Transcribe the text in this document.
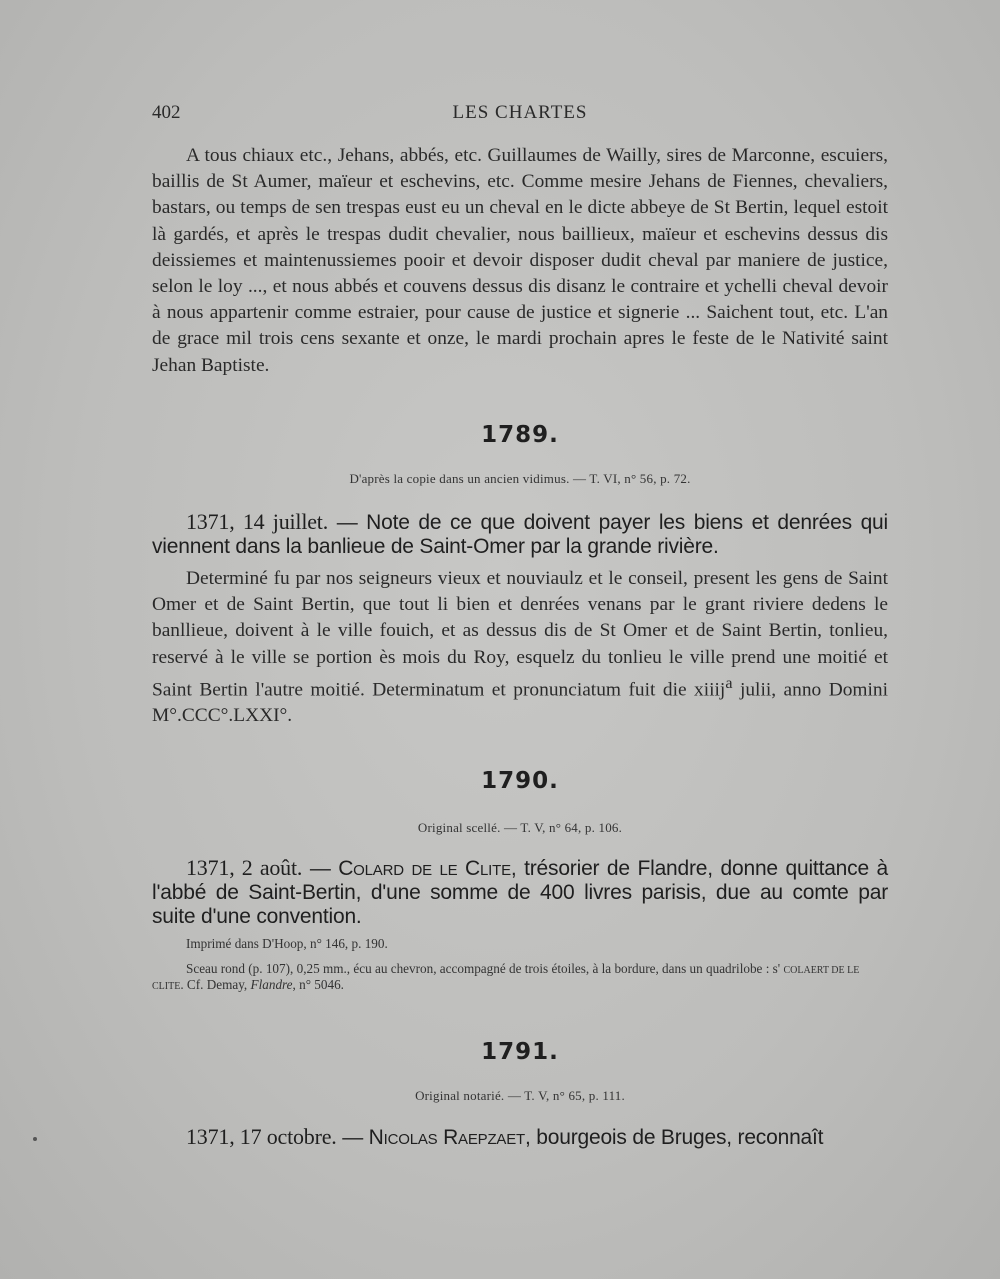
402	LES CHARTES

A tous chiaux etc., Jehans, abbés, etc. Guillaumes de Wailly, sires de Marconne, escuiers, baillis de St Aumer, maïeur et eschevins, etc. Comme mesire Jehans de Fiennes, chevaliers, bastars, ou temps de sen trespas eust eu un cheval en le dicte abbeye de St Bertin, lequel estoit là gardés, et après le trespas dudit chevalier, nous baillieux, maïeur et eschevins dessus dis deissiemes et maintenussiemes pooir et devoir disposer dudit cheval par maniere de justice, selon le loy ..., et nous abbés et couvens dessus dis disanz le contraire et ychelli cheval devoir à nous appartenir comme estraier, pour cause de justice et signerie ... Saichent tout, etc. L'an de grace mil trois cens sexante et onze, le mardi prochain apres le feste de le Nativité saint Jehan Baptiste.

1789.
D'après la copie dans un ancien vidimus. — T. VI, n° 56, p. 72.

1371, 14 juillet. — Note de ce que doivent payer les biens et denrées qui viennent dans la banlieue de Saint-Omer par la grande rivière.

Determiné fu par nos seigneurs vieux et nouviaulz et le conseil, present les gens de Saint Omer et de Saint Bertin, que tout li bien et denrées venans par le grant riviere dedens le banllieue, doivent à le ville fouich, et as dessus dis de St Omer et de Saint Bertin, tonlieu, reservé à le ville se portion ès mois du Roy, esquelz du tonlieu le ville prend une moitié et Saint Bertin l'autre moitié. Determinatum et pronunciatum fuit die xiiij$^a$ julii, anno Domini M°.CCC°.LXXI°.

1790.
Original scellé. — T. V, n° 64, p. 106.

1371, 2 août. — Colard de le Clite, trésorier de Flandre, donne quittance à l'abbé de Saint-Bertin, d'une somme de 400 livres parisis, due au comte par suite d'une convention.

Imprimé dans D'Hoop, n° 146, p. 190.
Sceau rond (p. 107), 0,25 mm., écu au chevron, accompagné de trois étoiles, à la bordure, dans un quadrilobe : s' COLAERT DE LE CLITE. Cf. Demay, Flandre, n° 5046.
1791.
Original notarié. — T. V, n° 65, p. 111.

1371, 17 octobre. — Nicolas Raepzaet, bourgeois de Bruges, reconnaît
